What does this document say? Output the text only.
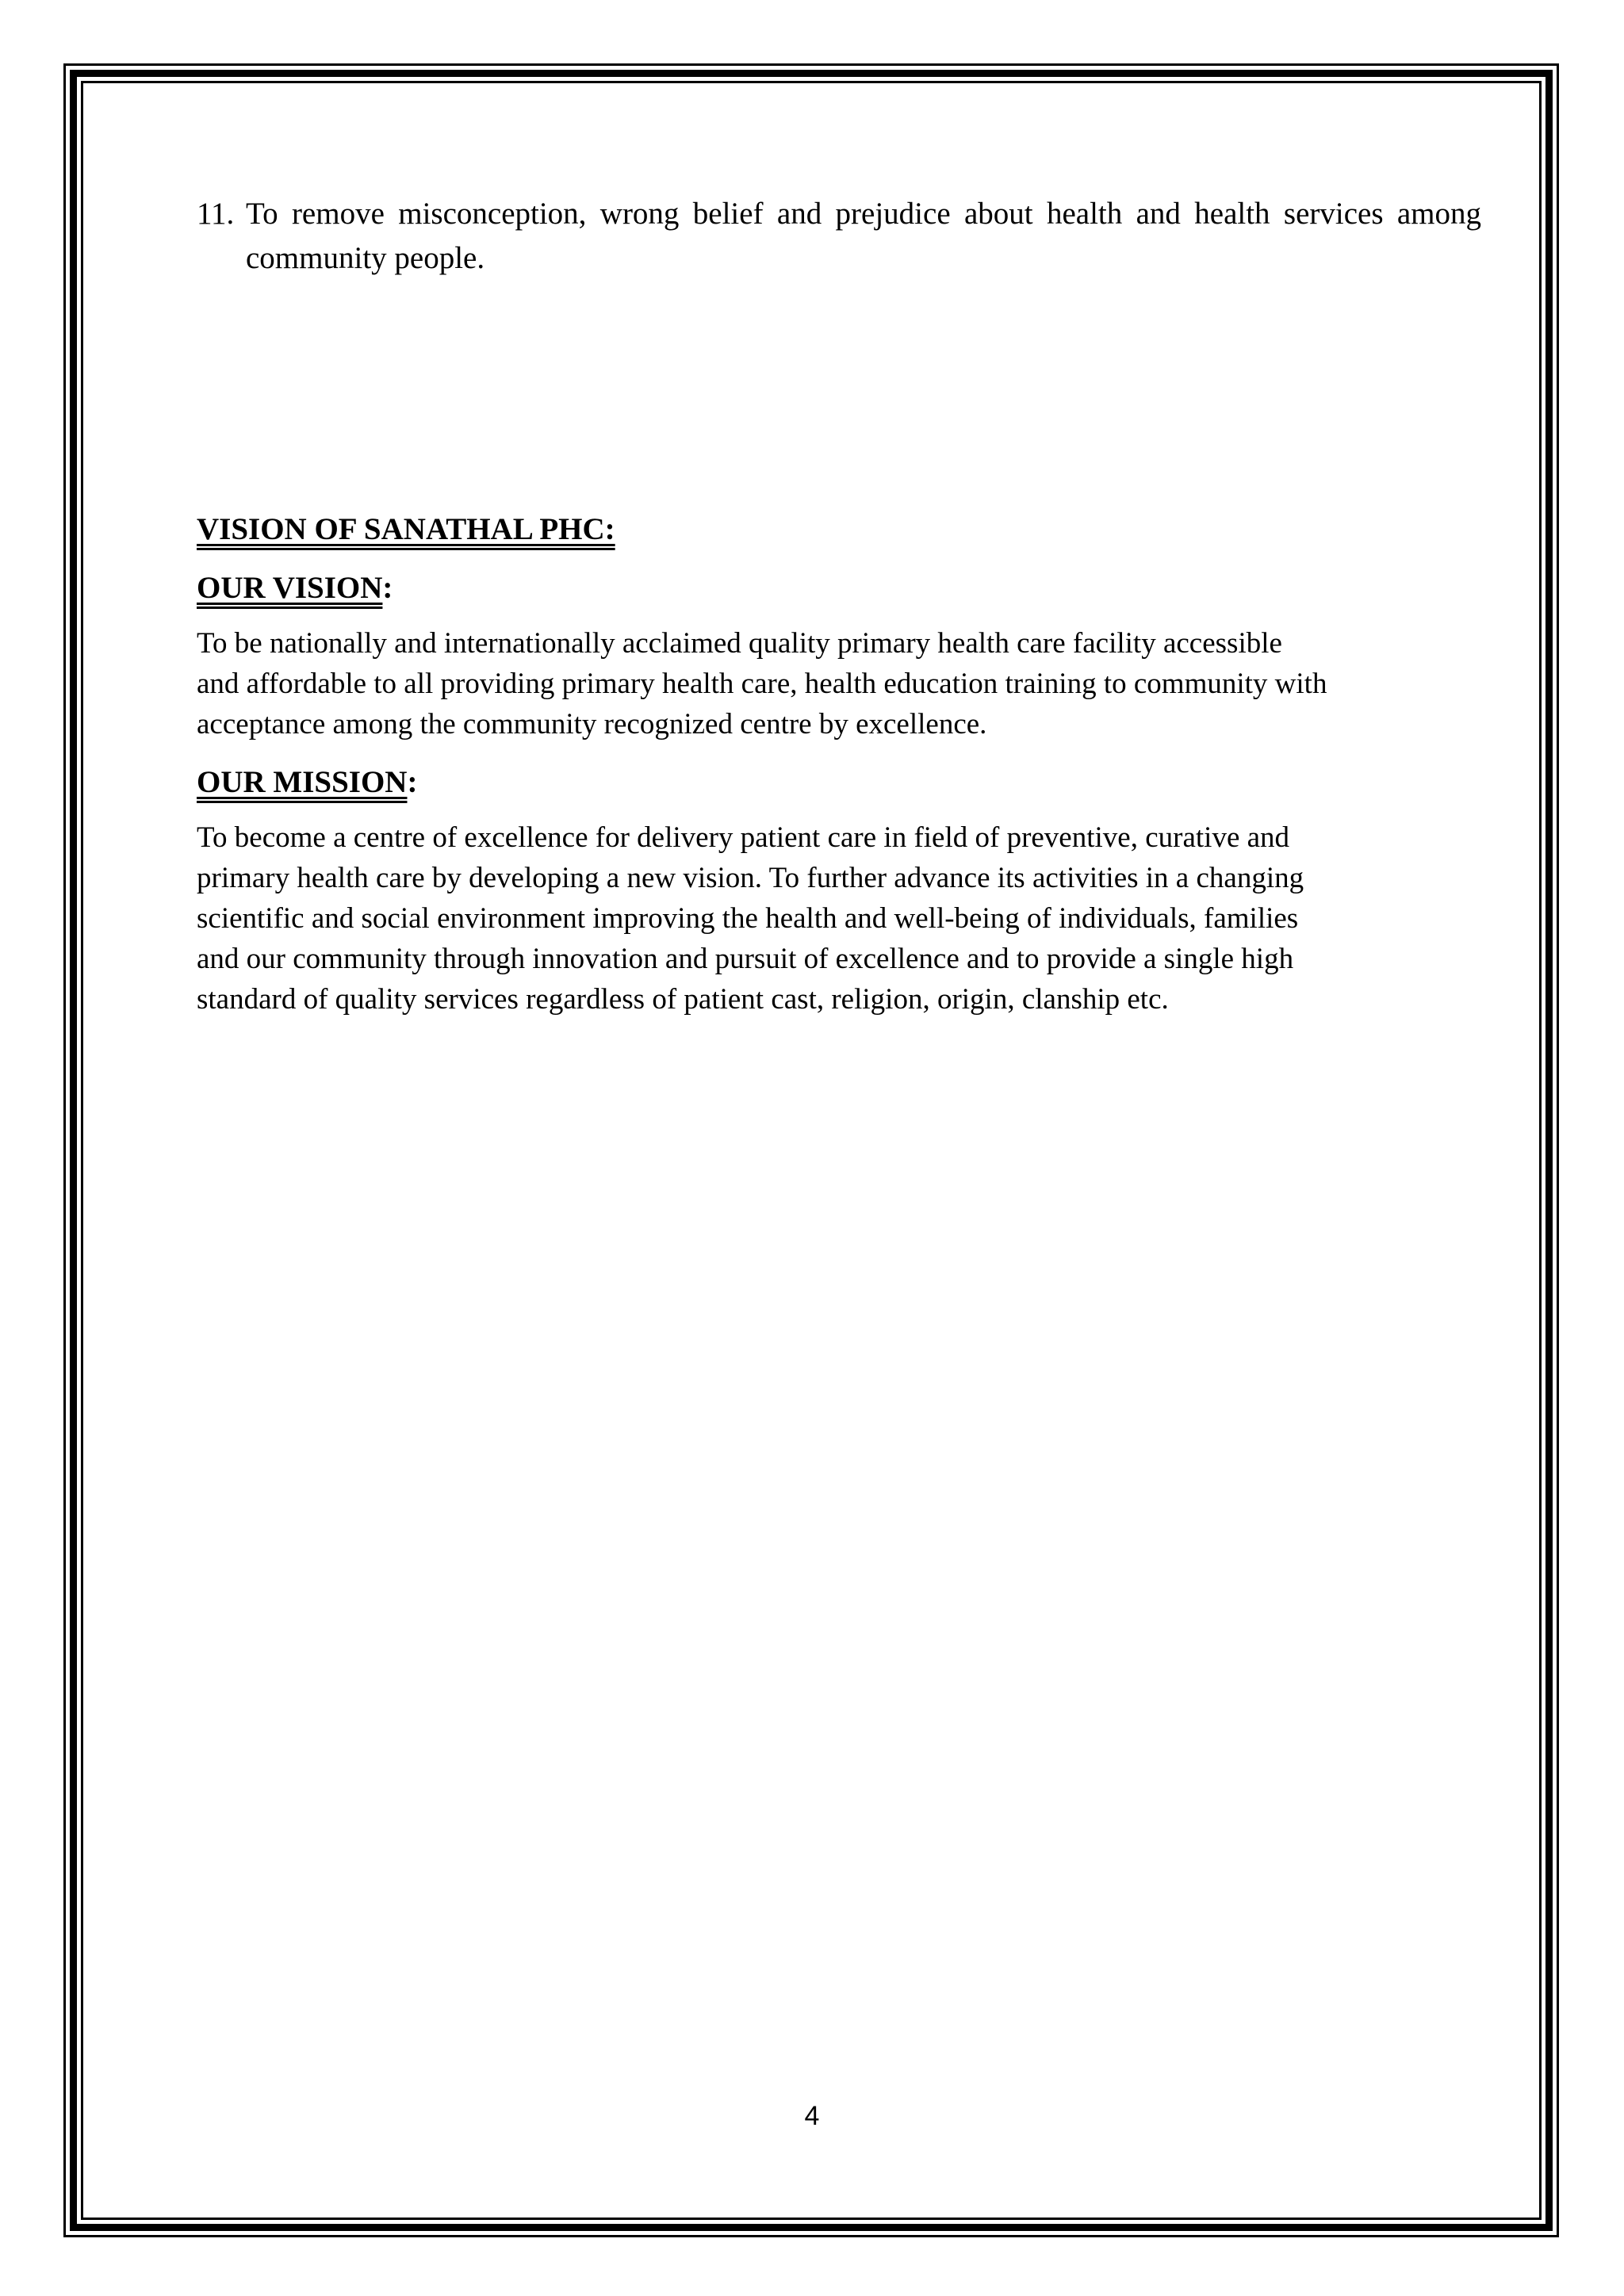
11. To remove misconception, wrong belief and prejudice about health and health services among community people.
VISION OF SANATHAL PHC:
OUR VISION:
To be nationally and internationally acclaimed quality primary health care facility accessible
and affordable to all providing primary health care, health education training to community with
acceptance among the community recognized centre by excellence.
OUR MISSION:
To become a centre of excellence for delivery patient care in field of preventive, curative and
primary health care by developing a new vision. To further advance its activities in a changing
scientific and social environment improving the health and well-being of individuals, families
and our community through innovation and pursuit of excellence and to provide a single high
standard of quality services regardless of patient cast, religion, origin, clanship etc.
4
